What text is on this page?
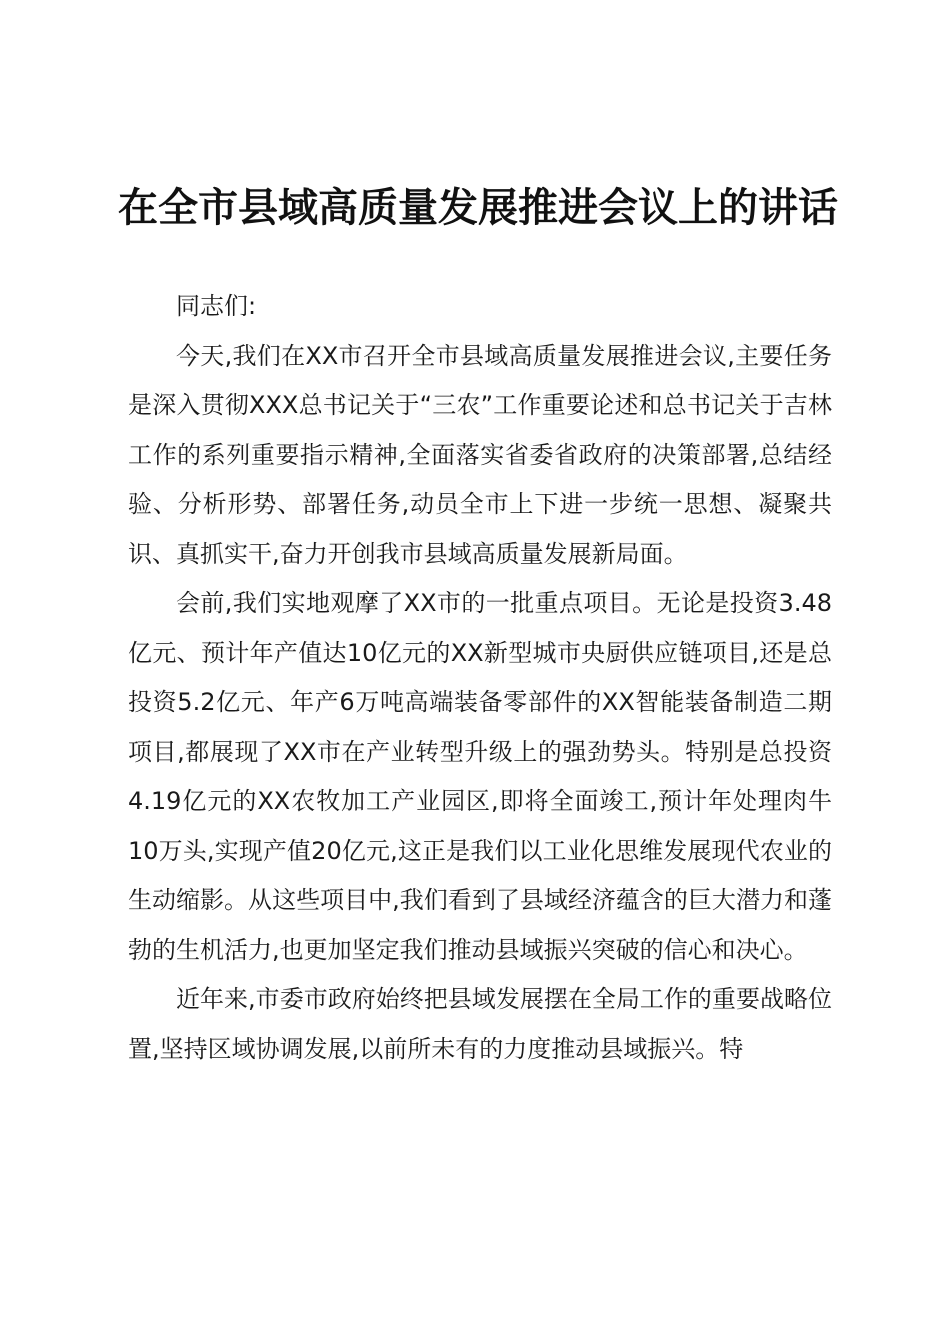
在全市县域高质量发展推进会议上的讲话

同志们:

今天,我们在XX市召开全市县域高质量发展推进会议,主要任务是深入贯彻XXX总书记关于“三农”工作重要论述和总书记关于吉林工作的系列重要指示精神,全面落实省委省政府的决策部署,总结经验、分析形势、部署任务,动员全市上下进一步统一思想、凝聚共识、真抓实干,奋力开创我市县域高质量发展新局面。

会前,我们实地观摩了XX市的一批重点项目。无论是投资3.48亿元、预计年产值达10亿元的XX新型城市央厨供应链项目,还是总投资5.2亿元、年产6万吨高端装备零部件的XX智能装备制造二期项目,都展现了XX市在产业转型升级上的强劲势头。特别是总投资4.19亿元的XX农牧加工产业园区,即将全面竣工,预计年处理肉牛10万头,实现产值20亿元,这正是我们以工业化思维发展现代农业的生动缩影。从这些项目中,我们看到了县域经济蕴含的巨大潜力和蓬勃的生机活力,也更加坚定我们推动县域振兴突破的信心和决心。

近年来,市委市政府始终把县域发展摆在全局工作的重要战略位置,坚持区域协调发展,以前所未有的力度推动县域振兴。特
